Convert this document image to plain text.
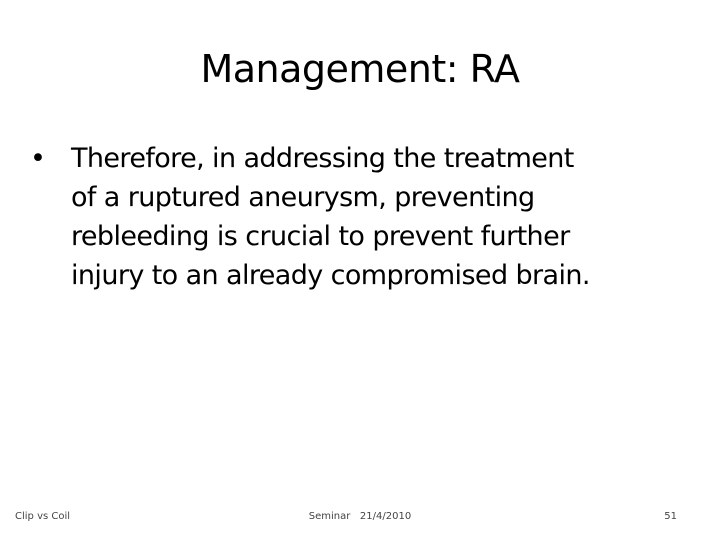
Management: RA
• Therefore, in addressing the treatment
of a ruptured aneurysm, preventing
rebleeding is crucial to prevent further
injury to an already compromised brain.
Clip vs Coil	Seminar   21/4/2010	51
